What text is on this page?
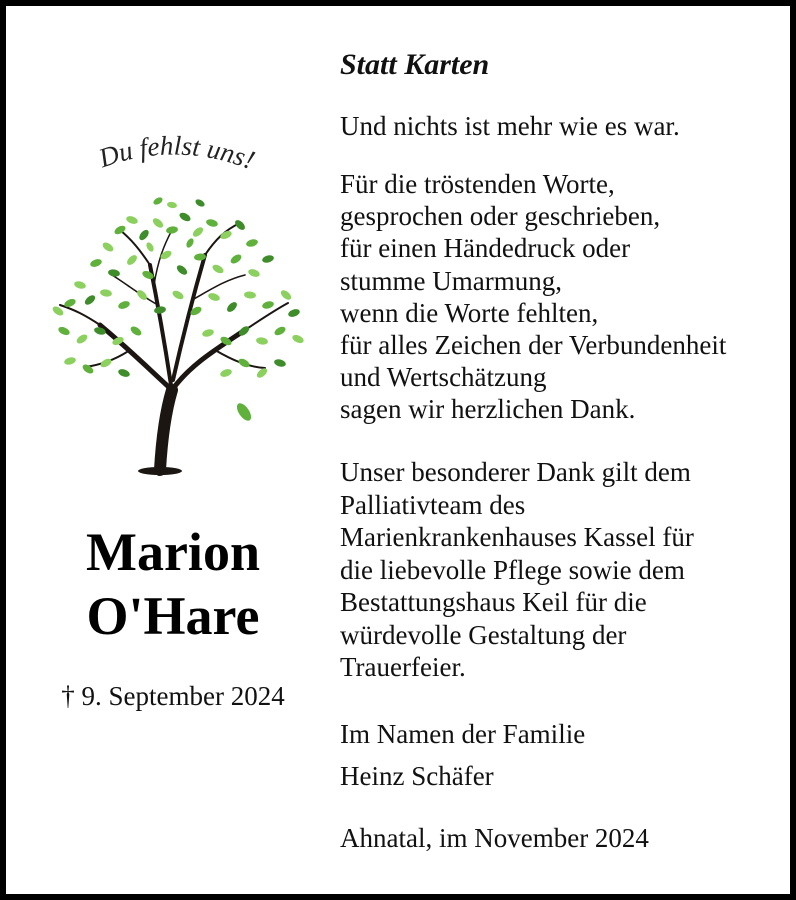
Du fehlst uns!
Marion
O'Hare
† 9. September 2024
Statt Karten
Und nichts ist mehr wie es war.
Für die tröstenden Worte,
gesprochen oder geschrieben,
für einen Händedruck oder
stumme Umarmung,
wenn die Worte fehlten,
für alles Zeichen der Verbundenheit
und Wertschätzung
sagen wir herzlichen Dank.
Unser besonderer Dank gilt dem
Palliativteam des
Marienkrankenhauses Kassel für
die liebevolle Pflege sowie dem
Bestattungshaus Keil für die
würdevolle Gestaltung der
Trauerfeier.
Im Namen der Familie
Heinz Schäfer
Ahnatal, im November 2024
